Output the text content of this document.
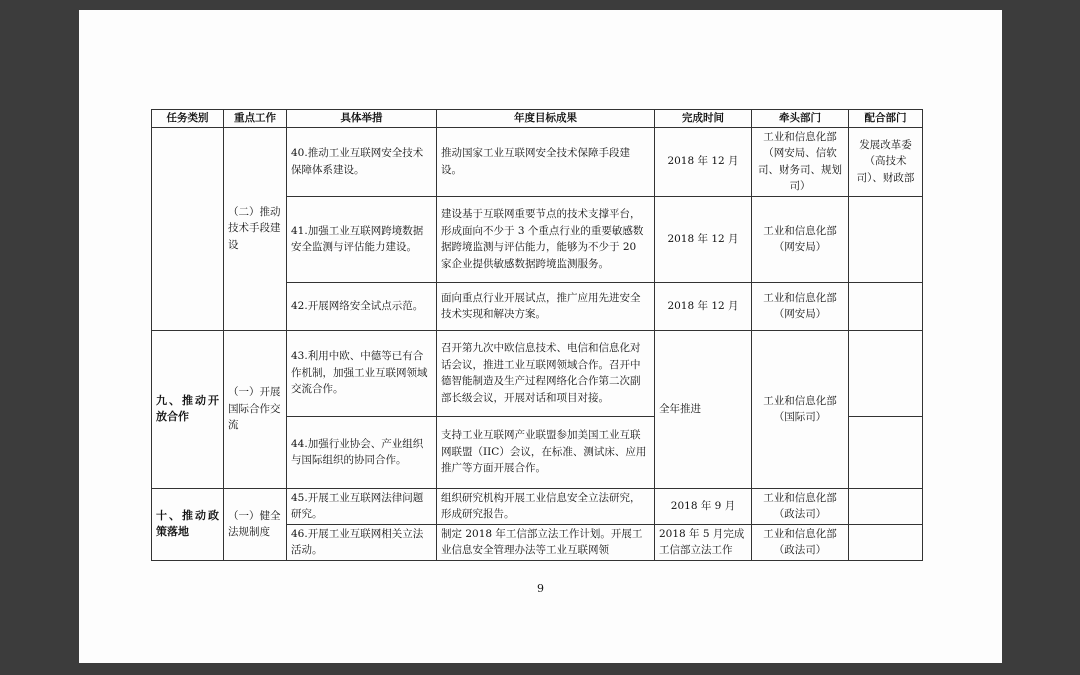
任务类别	重点工作	具体举措	年度目标成果	完成时间	牵头部门	配合部门
	（二）推动技术手段建设	40.推动工业互联网安全技术保障体系建设。	推动国家工业互联网安全技术保障手段建设。	2018 年 12 月	工业和信息化部（网安局、信软司、财务司、规划司）	发展改革委（高技术司）、财政部
		41.加强工业互联网跨境数据安全监测与评估能力建设。	建设基于互联网重要节点的技术支撑平台，形成面向不少于 3 个重点行业的重要敏感数据跨境监测与评估能力，能够为不少于 20 家企业提供敏感数据跨境监测服务。	2018 年 12 月	工业和信息化部（网安局）	
		42.开展网络安全试点示范。	面向重点行业开展试点，推广应用先进安全技术实现和解决方案。	2018 年 12 月	工业和信息化部（网安局）	
九、推动开放合作	（一）开展国际合作交流	43.利用中欧、中德等已有合作机制，加强工业互联网领域交流合作。	召开第九次中欧信息技术、电信和信息化对话会议，推进工业互联网领域合作。召开中德智能制造及生产过程网络化合作第二次副部长级会议，开展对话和项目对接。	全年推进	工业和信息化部（国际司）	
		44.加强行业协会、产业组织与国际组织的协同合作。	支持工业互联网产业联盟参加美国工业互联网联盟（IIC）会议，在标准、测试床、应用推广等方面开展合作。			
十、推动政策落地	（一）健全法规制度	45.开展工业互联网法律问题研究。	组织研究机构开展工业信息安全立法研究，形成研究报告。	2018 年 9 月	工业和信息化部（政法司）	
		46.开展工业互联网相关立法活动。	制定 2018 年工信部立法工作计划。开展工业信息安全管理办法等工业互联网领	2018 年 5 月完成工信部立法工作	工业和信息化部（政法司）	
9
